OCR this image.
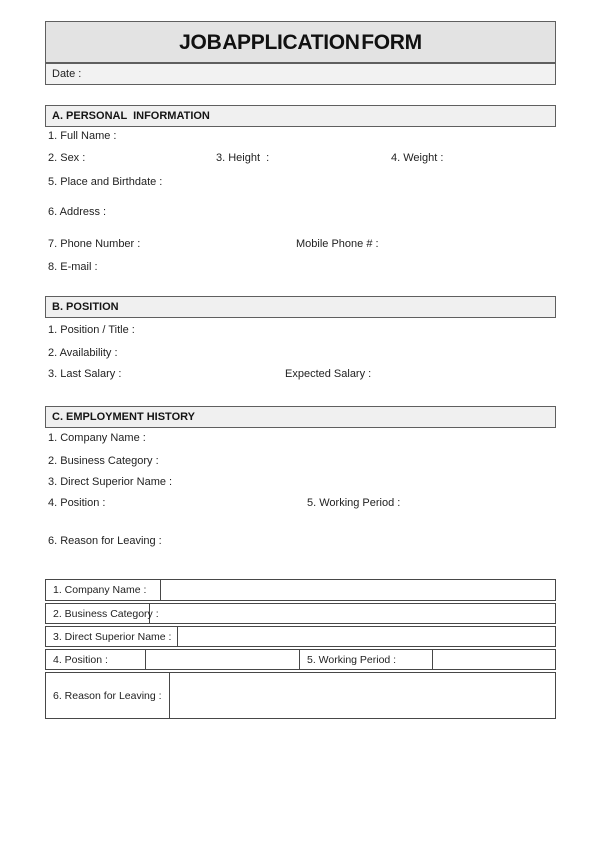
JOB APPLICATION FORM
Date :
A. PERSONAL  INFORMATION
1. Full Name :
2. Sex :	3. Height  :	4. Weight :
5. Place and Birthdate :
6. Address :
7. Phone Number :	Mobile Phone # :
8. E-mail :
B. POSITION
1. Position / Title :
2. Availability :
3. Last Salary :	Expected Salary :
C. EMPLOYMENT HISTORY
1. Company Name :
2. Business Category :
3. Direct Superior Name :
4. Position :	5. Working Period :
6. Reason for Leaving :
1. Company Name :
2. Business Category :
3. Direct Superior Name :
4. Position :	5. Working Period :
6. Reason for Leaving :
